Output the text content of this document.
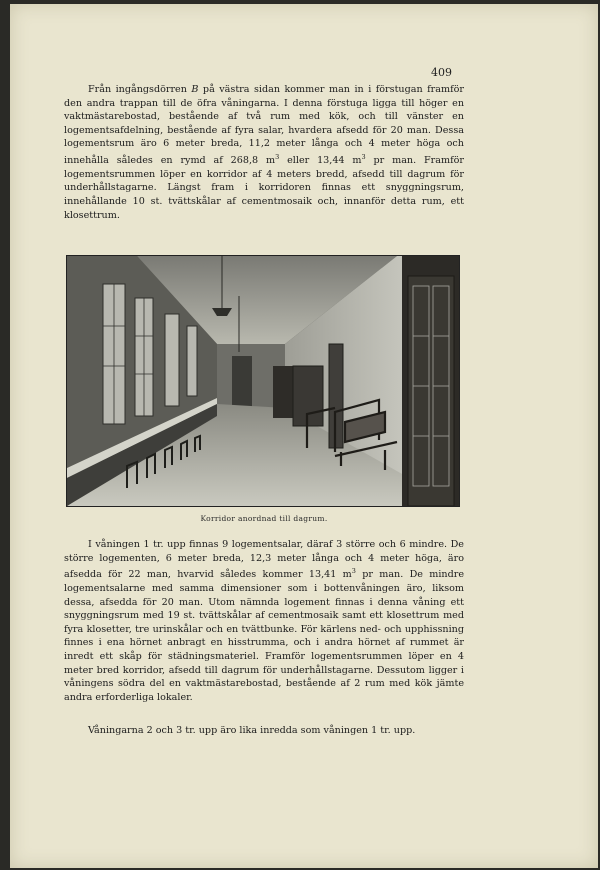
409

Från ingångsdörren B på västra sidan kommer man in i förstugan framför den andra trappan till de öfra våningarna. I denna förstuga ligga till höger en vaktmästarebostad, bestående af två rum med kök, och till vänster en logementsafdelning, bestående af fyra salar, hvardera afsedd för 20 man. Dessa logementsrum äro 6 meter breda, 11,2 meter långa och 4 meter höga och innehålla således en rymd af 268,8 $m^3$ eller 13,44 $m^3$ pr man. Framför logementsrummen löper en korridor af 4 meters bredd, afsedd till dagrum för underhållstagarne. Längst fram i korridoren finnas ett snyggningsrum, innehållande 10 st. tvättskålar af cementmosaik och, innanför detta rum, ett klosettrum.

Korridor anordnad till dagrum.

I våningen 1 tr. upp finnas 9 logementsalar, däraf 3 större och 6 mindre. De större logementen, 6 meter breda, 12,3 meter långa och 4 meter höga, äro afsedda för 22 man, hvarvid således kommer 13,41 $m^3$ pr man. De mindre logementsalarne med samma dimensioner som i bottenvåningen äro, liksom dessa, afsedda för 20 man. Utom nämnda logement finnas i denna våning ett snyggningsrum med 19 st. tvättskålar af cementmosaik samt ett klosettrum med fyra klosetter, tre urinskålar och en tvättbunke. För kärlens ned- och upphissning finnes i ena hörnet anbragt en hisstrumma, och i andra hörnet af rummet är inredt ett skåp för städningsmateriel. Framför logementsrummen löper en 4 meter bred korridor, afsedd till dagrum för underhållstagarne. Dessutom ligger i våningens södra del en vaktmästarebostad, bestående af 2 rum med kök jämte andra erforderliga lokaler.

Våningarna 2 och 3 tr. upp äro lika inredda som våningen 1 tr. upp.
